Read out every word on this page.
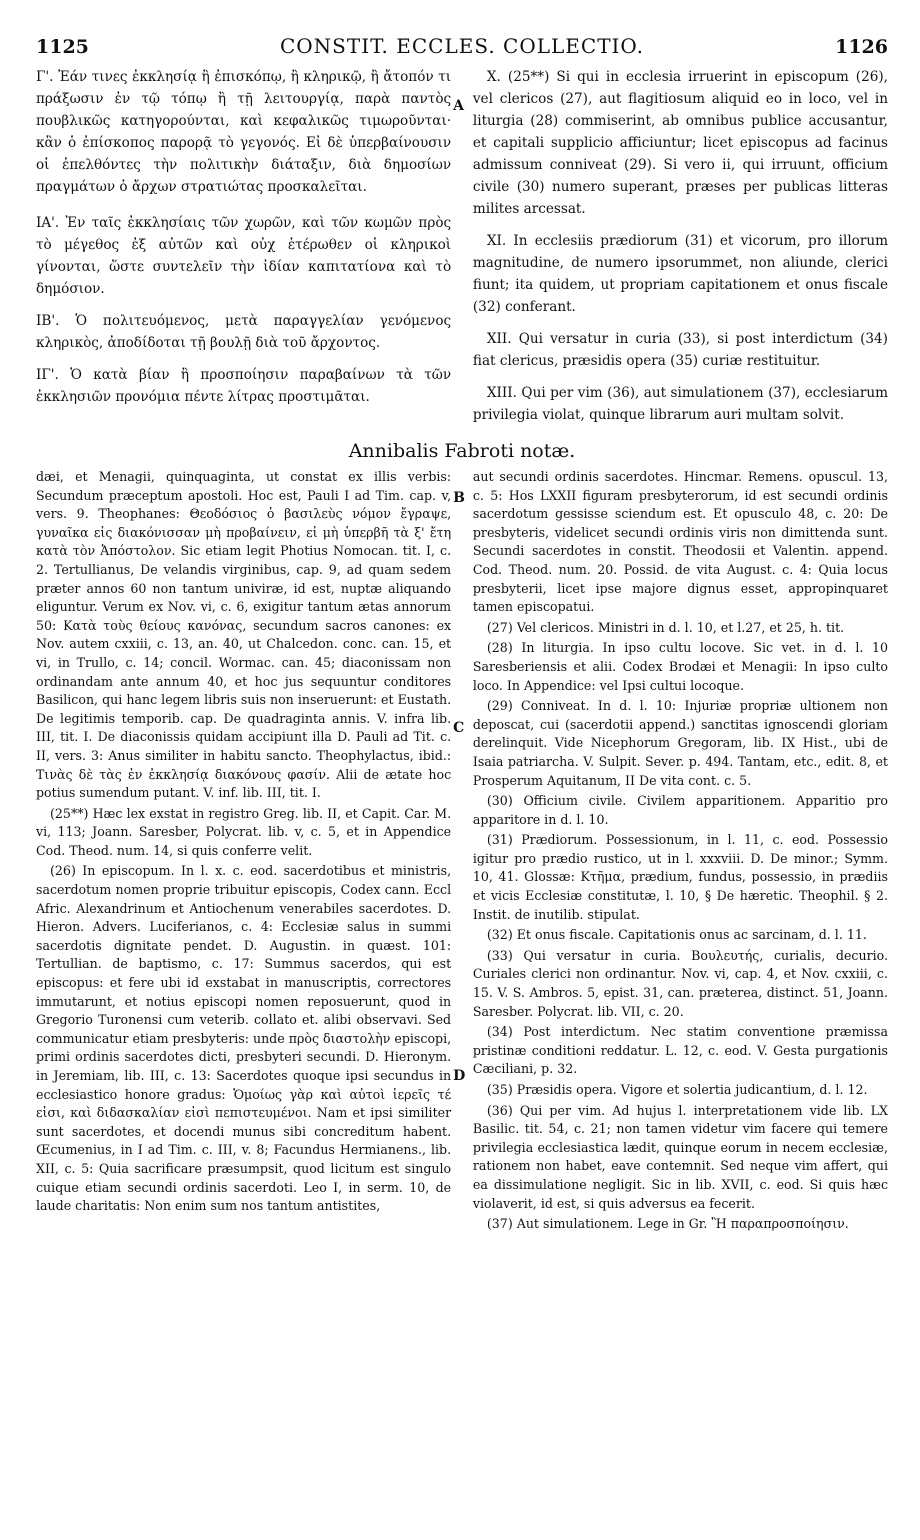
1125	CONSTIT. ECCLES. COLLECTIO.	1126

Γ'. Ἐάν τινες ἐκκλησίᾳ ἢ ἐπισκόπῳ, ἢ κληρικῷ, ἢ ἄτοπόν τι πράξωσιν ἐν τῷ τόπῳ ἢ τῇ λειτουργίᾳ, παρὰ παντὸς πουβλικῶς κατηγορούνται, καὶ κεφαλικῶς τιμωροῦνται· κἂν ὁ ἐπίσκοπος παρορᾷ τὸ γεγονός. Εἰ δὲ ὑπερβαίνουσιν οἱ ἐπελθόντες τὴν πολιτικὴν διάταξιν, διὰ δημοσίων πραγμάτων ὁ ἄρχων στρατιώτας προσκαλεῖται.

ΙΑ'. Ἐν ταῖς ἐκκλησίαις τῶν χωρῶν, καὶ τῶν κωμῶν πρὸς τὸ μέγεθος ἐξ αὐτῶν καὶ οὐχ ἑτέρωθεν οἱ κληρικοὶ γίνονται, ὥστε συντελεῖν τὴν ἰδίαν καπιτατίονα καὶ τὸ δημόσιον.

ΙΒ'. Ὁ πολιτευόμενος, μετὰ παραγγελίαν γενόμενος κληρικὸς, ἀποδίδοται τῇ βουλῇ διὰ τοῦ ἄρχοντος.

ΙΓ'. Ὁ κατὰ βίαν ἢ προσποίησιν παραβαίνων τὰ τῶν ἐκκλησιῶν προνόμια πέντε λίτρας προστιμᾶται.

A
B

X. (25**) Si qui in ecclesia irruerint in episcopum (26), vel clericos (27), aut flagitiosum aliquid eo in loco, vel in liturgia (28) commiserint, ab omnibus publice accusantur, et capitali supplicio afficiuntur; licet episcopus ad facinus admissum conniveat (29). Si vero ii, qui irruunt, officium civile (30) numero superant, præses per publicas litteras milites arcessat.

XI. In ecclesiis prædiorum (31) et vicorum, pro illorum magnitudine, de numero ipsorummet, non aliunde, clerici fiunt; ita quidem, ut propriam capitationem et onus fiscale (32) conferant.

XII. Qui versatur in curia (33), si post interdictum (34) fiat clericus, præsidis opera (35) curiæ restituitur.

XIII. Qui per vim (36), aut simulationem (37), ecclesiarum privilegia violat, quinque librarum auri multam solvit.

Annibalis Fabroti notæ.

dæi, et Menagii, quinquaginta, ut constat ex illis verbis: Secundum præceptum apostoli. Hoc est, Pauli I ad Tim. cap. v, vers. 9. Theophanes: Θεοδόσιος ὁ βασιλεὺς νόμον ἔγραψε, γυναῖκα εἰς διακόνισσαν μὴ προβαίνειν, εἰ μὴ ὑπερβῆ τὰ ξ' ἔτη κατὰ τὸν Ἀπόστολον. Sic etiam legit Photius Nomocan. tit. I, c. 2. Tertullianus, De velandis virginibus, cap. 9, ad quam sedem præter annos 60 non tantum univiræ, id est, nuptæ aliquando eliguntur. Verum ex Nov. vi, c. 6, exigitur tantum ætas annorum 50: Κατὰ τοὺς θείους κανόνας, secundum sacros canones: ex Nov. autem cxxiii, c. 13, an. 40, ut Chalcedon. conc. can. 15, et vi, in Trullo, c. 14; concil. Wormac. can. 45; diaconissam non ordinandam ante annum 40, et hoc jus sequuntur conditores Basilicon, qui hanc legem libris suis non inseruerunt: et Eustath. De legitimis temporib. cap. De quadraginta annis. V. infra lib. III, tit. I. De diaconissis quidam accipiunt illa D. Pauli ad Tit. c. II, vers. 3: Anus similiter in habitu sancto. Theophylactus, ibid.: Τινὰς δὲ τὰς ἐν ἐκκλησίᾳ διακόνους φασίν. Alii de ætate hoc potius sumendum putant. V. inf. lib. III, tit. I.

(25**) Hæc lex exstat in registro Greg. lib. II, et Capit. Car. M. vi, 113; Joann. Saresber, Polycrat. lib. v, c. 5, et in Appendice Cod. Theod. num. 14, si quis conferre velit.

(26) In episcopum. In l. x. c. eod. sacerdotibus et ministris, sacerdotum nomen proprie tribuitur episcopis, Codex cann. Eccl Afric. Alexandrinum et Antiochenum venerabiles sacerdotes. D. Hieron. Advers. Luciferianos, c. 4: Ecclesiæ salus in summi sacerdotis dignitate pendet. D. Augustin. in quæst. 101: Tertullian. de baptismo, c. 17: Summus sacerdos, qui est episcopus: et fere ubi id exstabat in manuscriptis, correctores immutarunt, et notius episcopi nomen reposuerunt, quod in Gregorio Turonensi cum veterib. collato et. alibi observavi. Sed communicatur etiam presbyteris: unde πρὸς διαστολὴν episcopi, primi ordinis sacerdotes dicti, presbyteri secundi. D. Hieronym. in Jeremiam, lib. III, c. 13: Sacerdotes quoque ipsi secundus in ecclesiastico honore gradus: Ὁμοίως γὰρ καὶ αὐτοὶ ἱερεῖς τέ εἰσι, καὶ διδασκαλίαν εἰσὶ πεπιστευμένοι. Nam et ipsi similiter sunt sacerdotes, et docendi munus sibi concreditum habent. Œcumenius, in I ad Tim. c. III, v. 8; Facundus Hermianens., lib. XII, c. 5: Quia sacrificare præsumpsit, quod licitum est singulo cuique etiam secundi ordinis sacerdoti. Leo I, in serm. 10, de laude charitatis: Non enim sum nos tantum antistites,

C
D

aut secundi ordinis sacerdotes. Hincmar. Remens. opuscul. 13, c. 5: Hos LXXII figuram presbyterorum, id est secundi ordinis sacerdotum gessisse sciendum est. Et opusculo 48, c. 20: De presbyteris, videlicet secundi ordinis viris non dimittenda sunt. Secundi sacerdotes in constit. Theodosii et Valentin. append. Cod. Theod. num. 20. Possid. de vita August. c. 4: Quia locus presbyterii, licet ipse majore dignus esset, appropinquaret tamen episcopatui.

(27) Vel clericos. Ministri in d. l. 10, et l.27, et 25, h. tit.

(28) In liturgia. In ipso cultu locove. Sic vet. in d. l. 10 Saresberiensis et alii. Codex Brodæi et Menagii: In ipso culto loco. In Appendice: vel Ipsi cultui locoque.

(29) Conniveat. In d. l. 10: Injuriæ propriæ ultionem non deposcat, cui (sacerdotii append.) sanctitas ignoscendi gloriam derelinquit. Vide Nicephorum Gregoram, lib. IX Hist., ubi de Isaia patriarcha. V. Sulpit. Sever. p. 494. Tantam, etc., edit. 8, et Prosperum Aquitanum, II De vita cont. c. 5.

(30) Officium civile. Civilem apparitionem. Apparitio pro apparitore in d. l. 10.

(31) Prædiorum. Possessionum, in l. 11, c. eod. Possessio igitur pro prædio rustico, ut in l. xxxviii. D. De minor.; Symm. 10, 41. Glossæ: Κτῆμα, prædium, fundus, possessio, in prædiis et vicis Ecclesiæ constitutæ, l. 10, § De hæretic. Theophil. § 2. Instit. de inutilib. stipulat.

(32) Et onus fiscale. Capitationis onus ac sarcinam, d. l. 11.

(33) Qui versatur in curia. Βουλευτής, curialis, decurio. Curiales clerici non ordinantur. Nov. vi, cap. 4, et Nov. cxxiii, c. 15. V. S. Ambros. 5, epist. 31, can. præterea, distinct. 51, Joann. Saresber. Polycrat. lib. VII, c. 20.

(34) Post interdictum. Nec statim conventione præmissa pristinæ conditioni reddatur. L. 12, c. eod. V. Gesta purgationis Cæciliani, p. 32.

(35) Præsidis opera. Vigore et solertia judicantium, d. l. 12.

(36) Qui per vim. Ad hujus l. interpretationem vide lib. LX Basilic. tit. 54, c. 21; non tamen videtur vim facere qui temere privilegia ecclesiastica lædit, quinque eorum in necem ecclesiæ, rationem non habet, eave contemnit. Sed neque vim affert, qui ea dissimulatione negligit. Sic in lib. XVII, c. eod. Si quis hæc violaverit, id est, si quis adversus ea fecerit.

(37) Aut simulationem. Lege in Gr. Ἢ παραπροσποίησιν.
